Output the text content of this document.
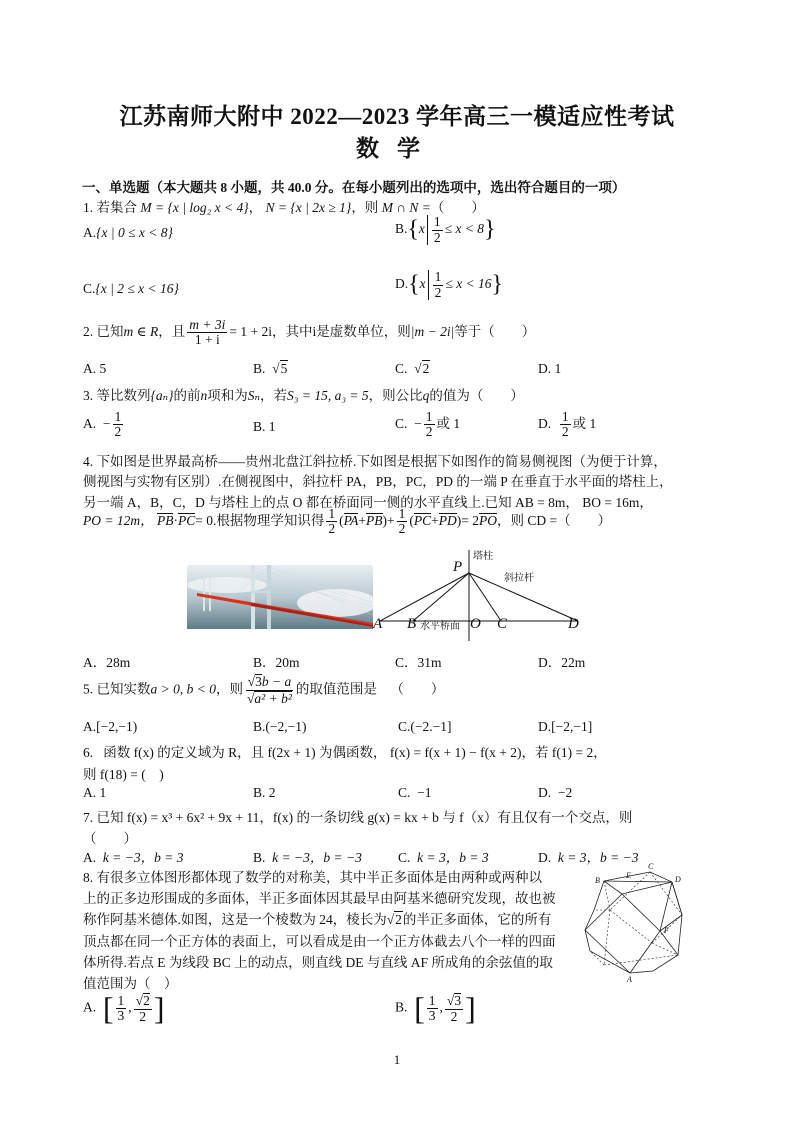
江苏南师大附中 2022—2023 学年高三一模适应性考试
数学
一、单选题（本大题共 8 小题，共 40.0 分。在每小题列出的选项中，选出符合题目的一项）
1. 若集合 M = {x | log₂ x < 4}， N = {x | 2x ≥ 1}，则 M ∩ N =（　　）
A.{x | 0 ≤ x < 8}	$B.\{x \frac{1}{2} \le x < 8\}$
C.{x | 2 ≤ x < 16}	$D.\{x \frac{1}{2} \le x < 16\}$
2. 已知m ∈ R，且 $\frac{m + 3i}{1 + i} = 1 + 2i$，其中i是虚数单位，则|m − 2i|等于（　　）
A. 5	B. √5	C. √2	D. 1
3. 等比数列{aₙ}的前n项和为Sₙ，若S₃ = 15, a₃ = 5，则公比q的值为（　　）
A. − $\frac{1}{2}$	B. 1	C. − $\frac{1}{2}$ 或 1	D. $\frac{1}{2}$ 或 1
4. 下如图是世界最高桥——贵州北盘江斜拉桥.下如图是根据下如图作的简易侧视图（为便于计算，
侧视图与实物有区别）.在侧视图中，斜拉杆 PA，PB，PC，PD 的一端 P 在垂直于水平面的塔柱上，
另一端 A，B，C，D 与塔柱上的点 O 都在桥面同一侧的水平直线上.已知 AB = 8m， BO = 16m，
PO = 12m， PB·PC= 0.根据物理学知识得 $\frac{1}{2} (PA+PB)+ \frac{1}{2} (PC+PD)= 2PO$，则 CD =（　　）
塔柱
P
斜拉杆
A B 水平桥面 O C	D
A．28m	B．20m	C．31m	D．22m
5. 已知实数a > 0, b < 0，则 $\frac{√3b - a}{\text{√a² + b²}}$ 的取值范围是 （　　）
A.[−2,−1)	B.(−2,−1)	C.(−2.−1]	D.[−2,−1]
6. 函数 f(x) 的定义域为 R，且 f(2x + 1) 为偶函数， f(x) = f(x + 1) − f(x + 2)，若 f(1) = 2，
则 f(18) = (　)
A. 1	B. 2	C. −1	D. −2
7. 已知 f(x) = x³ + 6x² + 9x + 11，f(x) 的一条切线 g(x) = kx + b 与 f（x）有且仅有一个交点，则
（　　）
A. k = −3，b = 3	B. k = −3，b = −3	C. k = 3，b = 3	D. k = 3，b = −3
8. 有很多立体图形都体现了数学的对称美，其中半正多面体是由两种或两种以
上的正多边形围成的多面体，半正多面体因其最早由阿基米德研究发现，故也被
称作阿基米德体.如图，这是一个棱数为 24，棱长为√2的半正多面体，它的所有
顶点都在同一个正方体的表面上，可以看成是由一个正方体截去八个一样的四面
体所得.若点 E 为线段 BC 上的动点，则直线 DE 与直线 AF 所成角的余弦值的取
值范围为（　）
B
E
C
D
F
A
A. [ $\frac{1}{3}$ , $\frac{√2}{2}$ ]	B. [ $\frac{1}{3}$ , $\frac{√3}{2}$ ]
1
